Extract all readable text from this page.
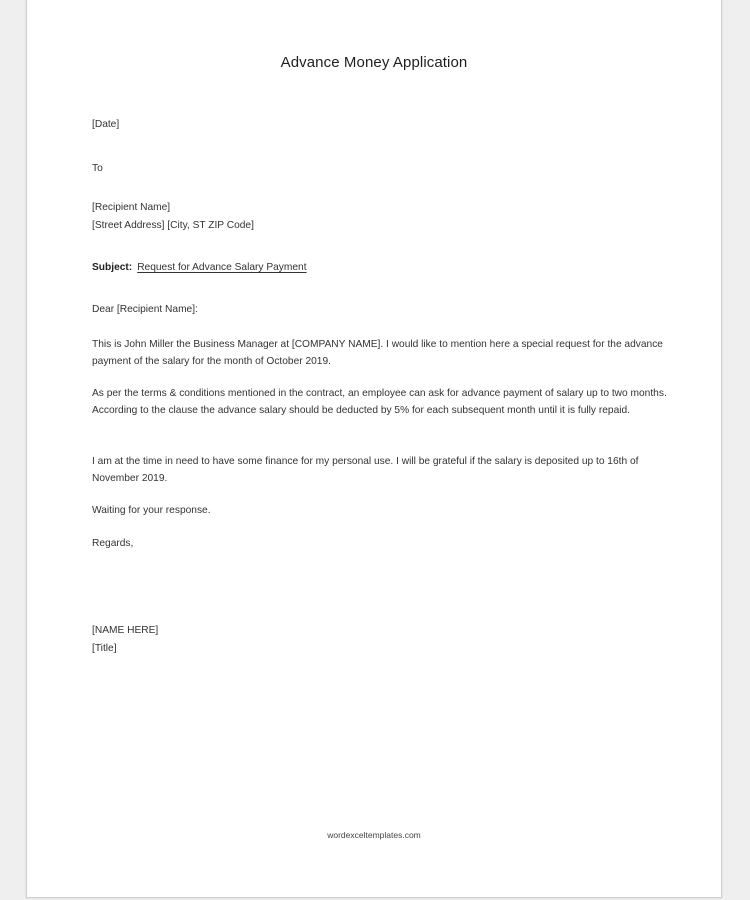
Advance Money Application
[Date]
To
[Recipient Name]
[Street Address] [City, ST ZIP Code]
Subject: Request for Advance Salary Payment
Dear [Recipient Name]:
This is John Miller the Business Manager at [COMPANY NAME]. I would like to mention here a special request for the advance payment of the salary for the month of October 2019.
As per the terms & conditions mentioned in the contract, an employee can ask for advance payment of salary up to two months. According to the clause the advance salary should be deducted by 5% for each subsequent month until it is fully repaid.
I am at the time in need to have some finance for my personal use. I will be grateful if the salary is deposited up to 16th of November 2019.
Waiting for your response.
Regards,
[NAME HERE]
[Title]
wordexceltemplates.com
